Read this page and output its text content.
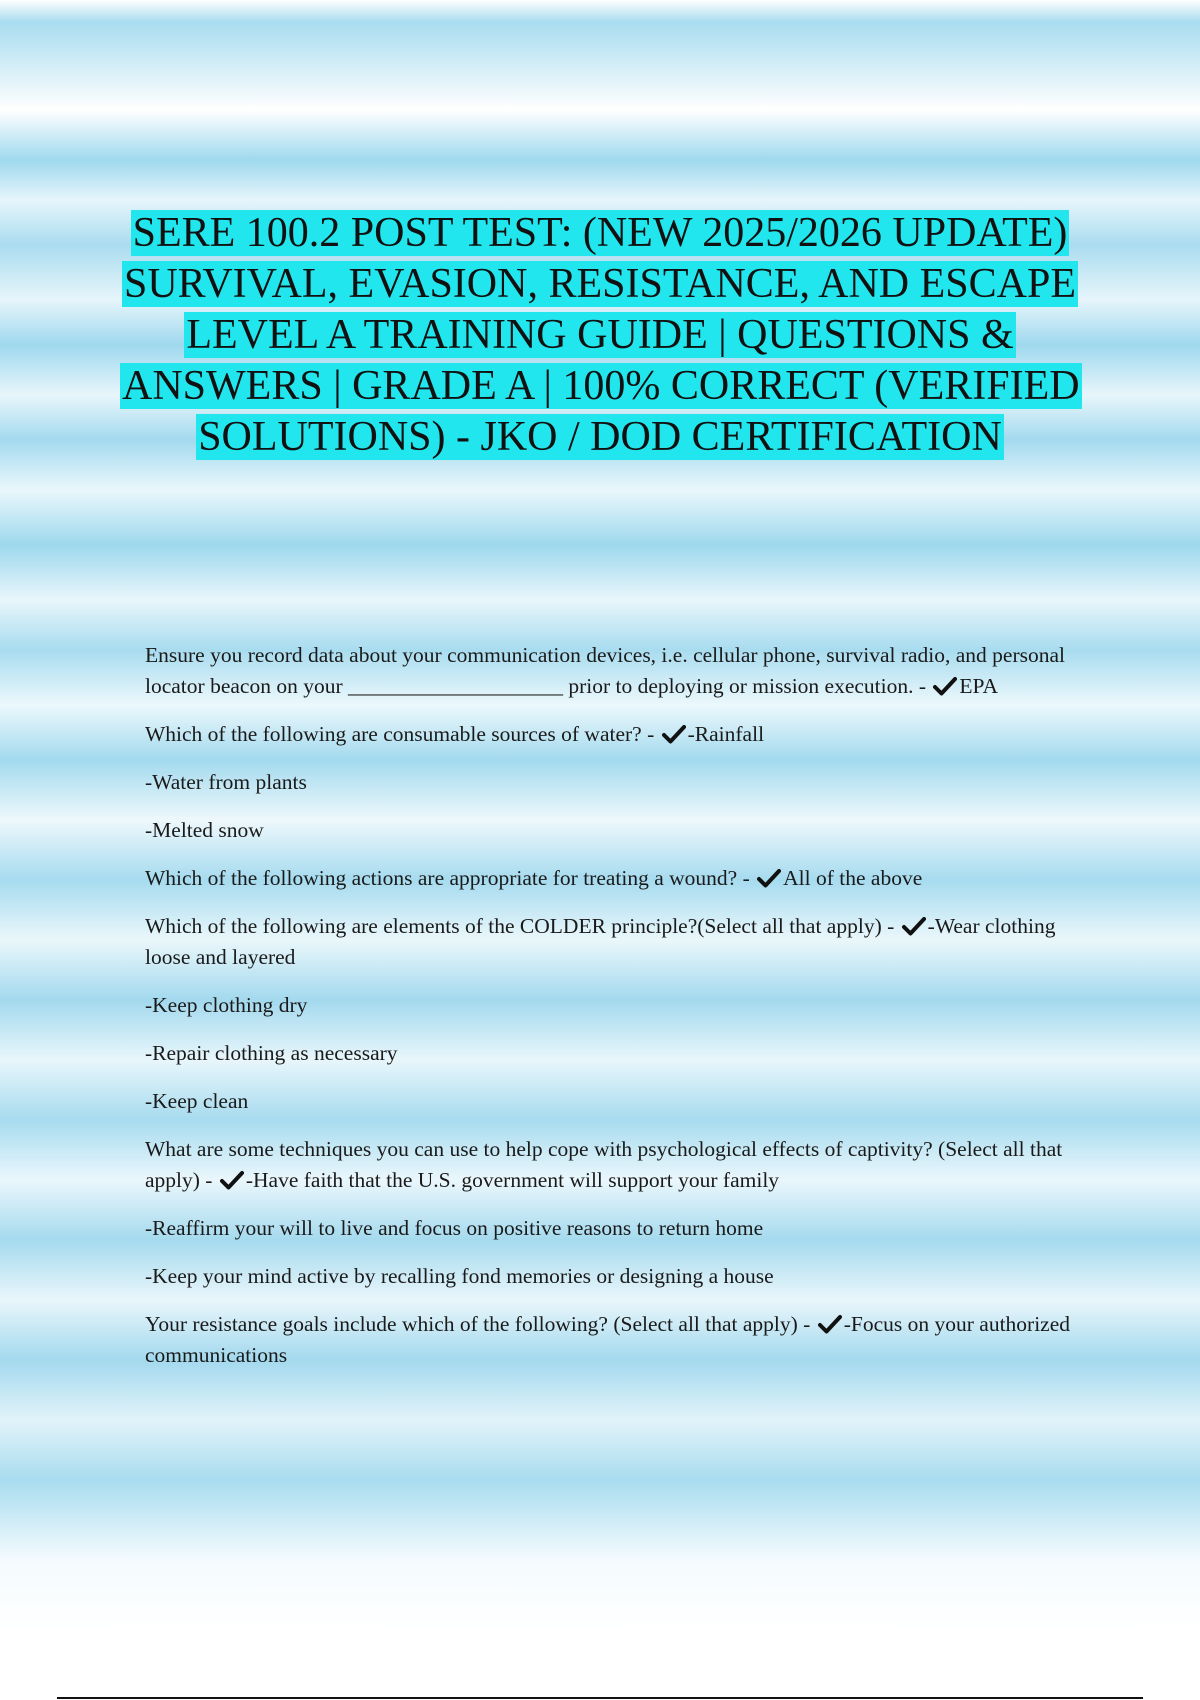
SERE 100.2 POST TEST: (NEW 2025/2026 UPDATE) SURVIVAL, EVASION, RESISTANCE, AND ESCAPE LEVEL A TRAINING GUIDE | QUESTIONS & ANSWERS | GRADE A | 100% CORRECT (VERIFIED SOLUTIONS) - JKO / DOD CERTIFICATION

Ensure you record data about your communication devices, i.e. cellular phone, survival radio, and personal locator beacon on your ____________________ prior to deploying or mission execution. - EPA

Which of the following are consumable sources of water? - -Rainfall

-Water from plants

-Melted snow

Which of the following actions are appropriate for treating a wound? - All of the above

Which of the following are elements of the COLDER principle?(Select all that apply) - -Wear clothing loose and layered

-Keep clothing dry

-Repair clothing as necessary

-Keep clean

What are some techniques you can use to help cope with psychological effects of captivity? (Select all that apply) - -Have faith that the U.S. government will support your family

-Reaffirm your will to live and focus on positive reasons to return home

-Keep your mind active by recalling fond memories or designing a house

Your resistance goals include which of the following? (Select all that apply) - -Focus on your authorized communications
